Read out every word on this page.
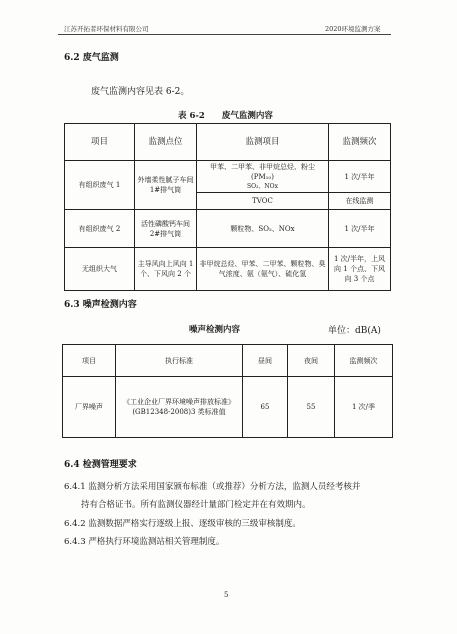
江苏开拓者环保材料有限公司	2020环境监测方案
6.2 废气监测
废气监测内容见表 6-2。
表 6-2　　废气监测内容
项目	监测点位	监测项目	监测频次
有组织废气 1	外墙柔性腻子车间 1#排气筒	甲苯、二甲苯、非甲烷总烃、粉尘(PM₁₀)
SO₂、NOx	1 次/半年
		TVOC	在线监测
有组织废气 2	活性磷酸钙车间 2#排气筒	颗粒物、SO₂、NOx	1 次/半年
无组织大气	主导风向上风向 1 个、下风向 2 个	非甲烷总烃、甲苯、二甲苯、颗粒物、臭气浓度、氨（氨气）、硫化氢	1 次/半年，上风向 1 个点、下风向 3 个点
6.3 噪声检测内容
噪声检测内容	单位：dB(A)
项目	执行标准	昼间	夜间	监测频次
厂界噪声	《工业企业厂界环境噪声排放标准》(GB12348-2008)3 类标准值	65	55	1 次/季
6.4 检测管理要求
6.4.1 监测分析方法采用国家颁布标准（或推荐）分析方法，监测人员经考核并
持有合格证书。所有监测仪器经计量部门检定并在有效期内。
6.4.2 监测数据严格实行逐级上报、逐级审核的三级审核制度。
6.4.3 严格执行环境监测站相关管理制度。
5
